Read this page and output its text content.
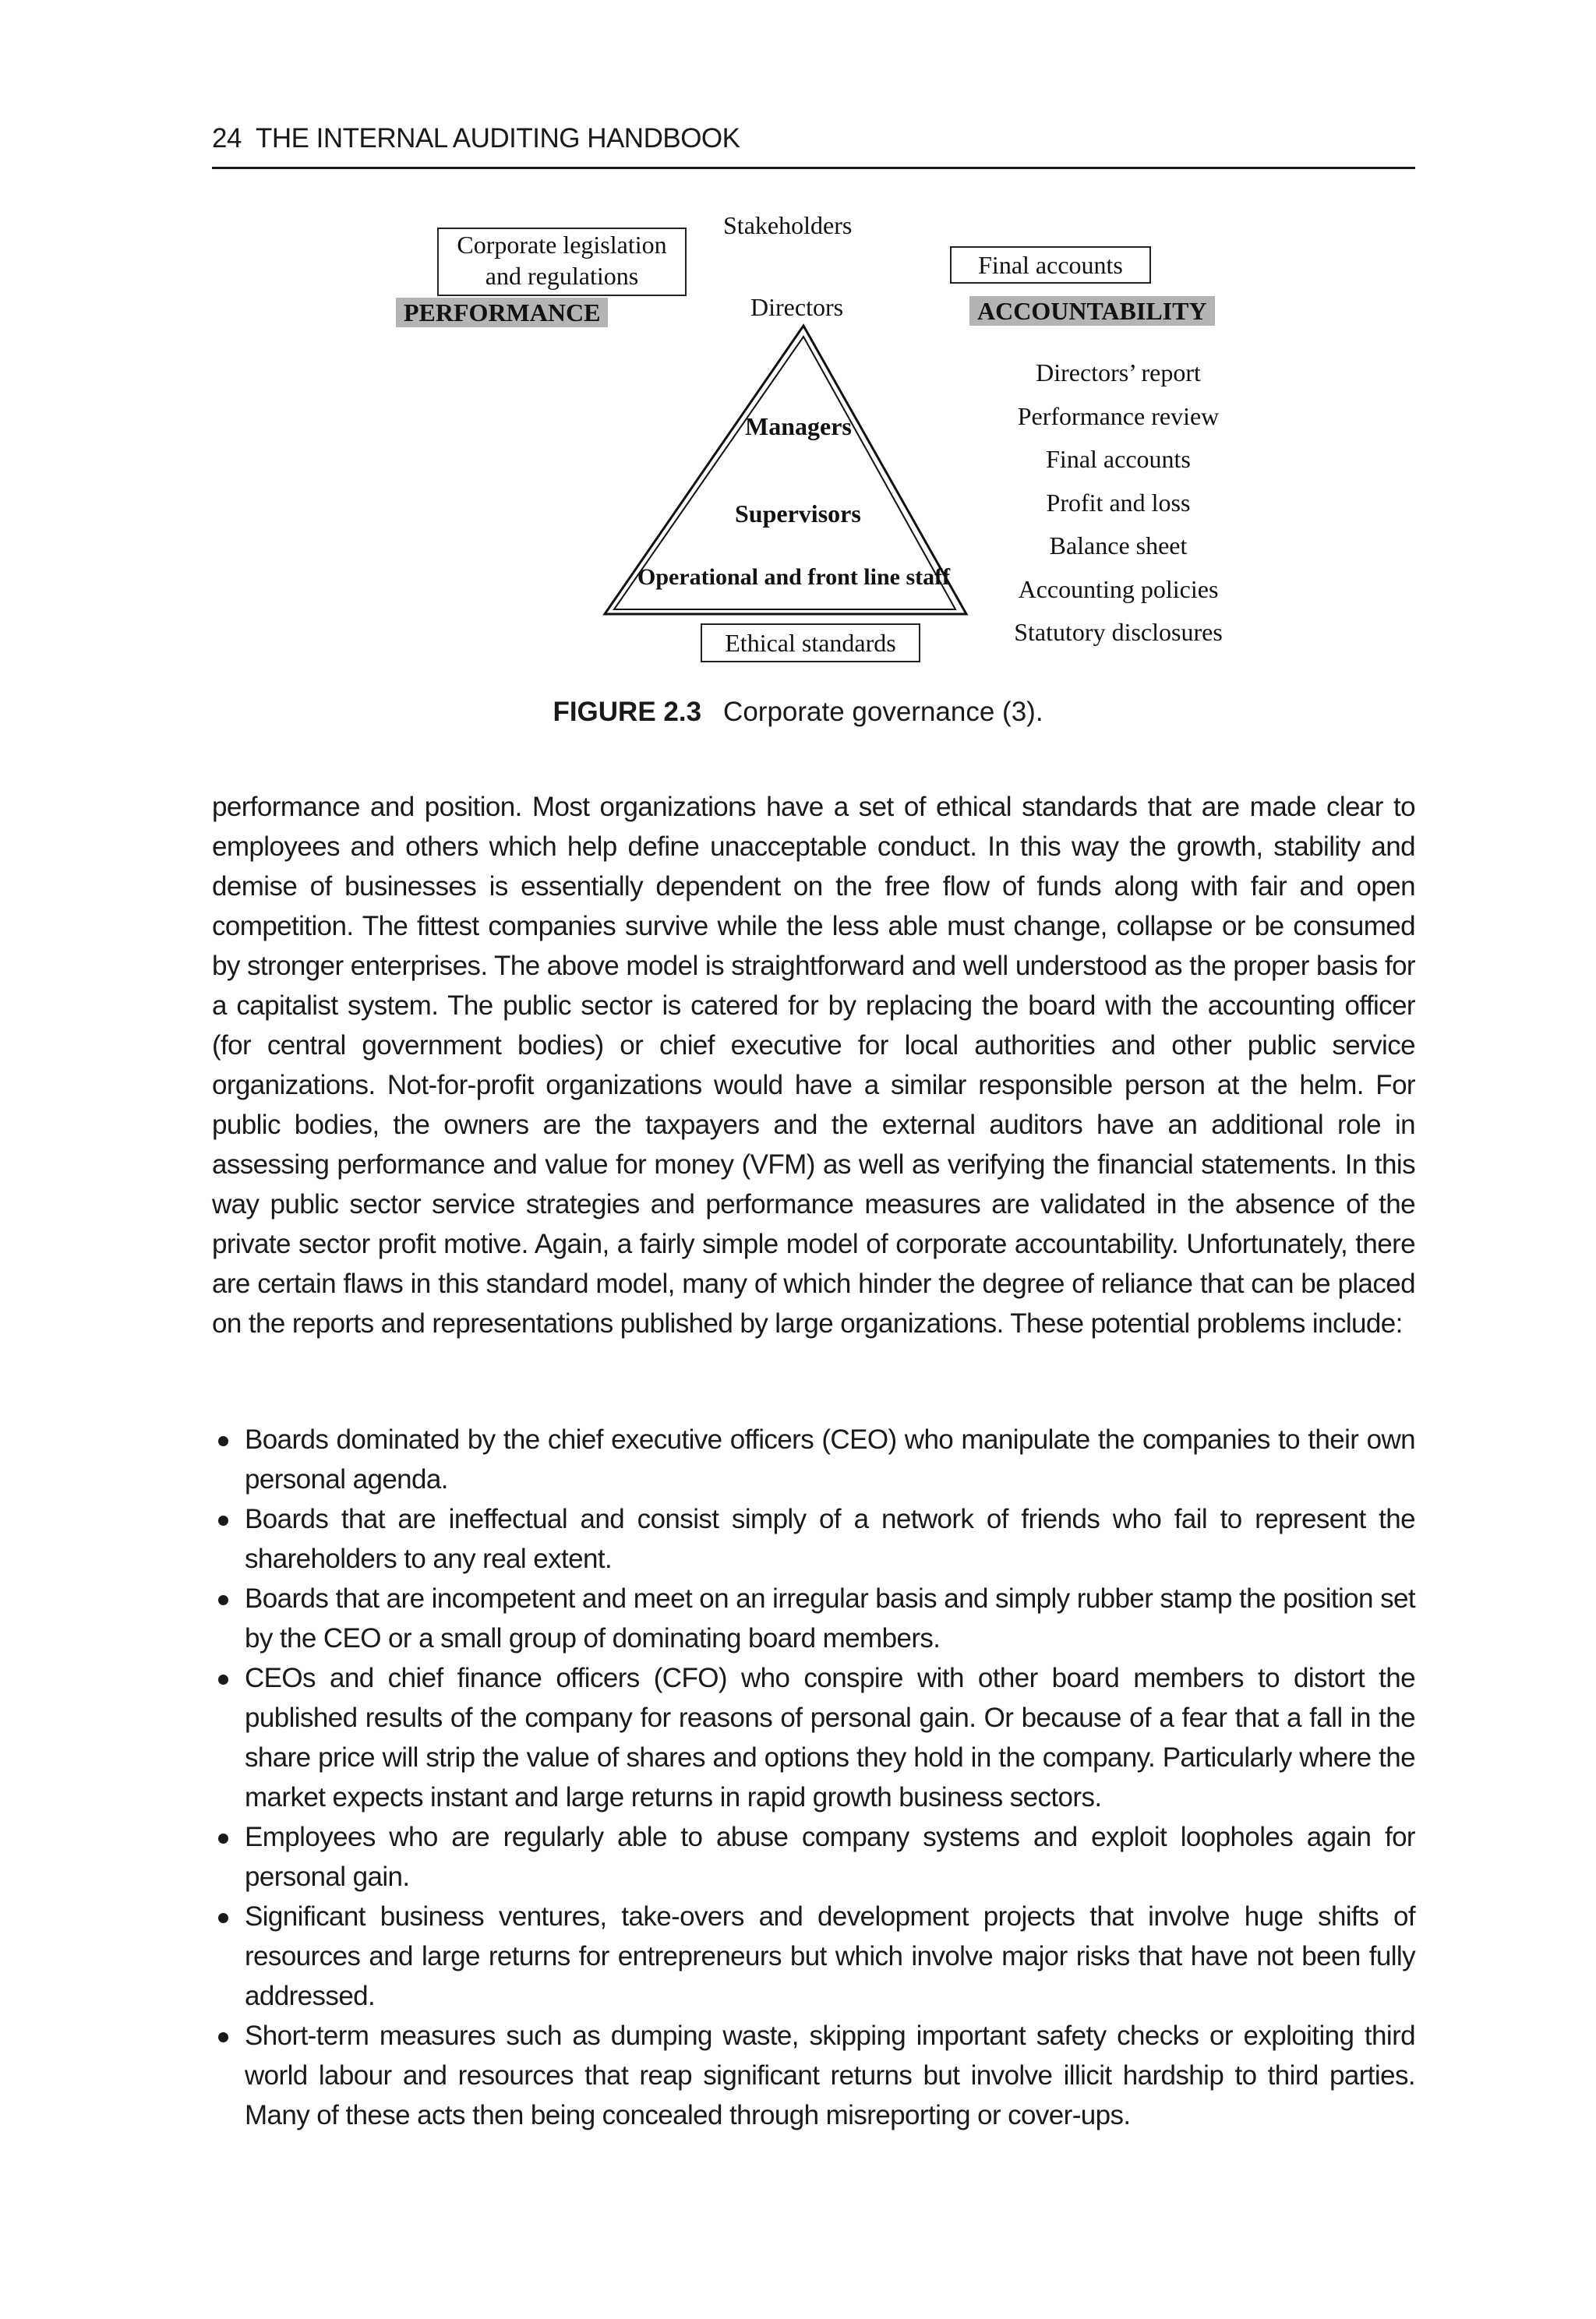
24 THE INTERNAL AUDITING HANDBOOK
Stakeholders
Corporate legislation
and regulations
PERFORMANCE	Directors
Final accounts
ACCOUNTABILITY
Managers
Supervisors
Operational and front line staff
Ethical standards
Directors’ report
Performance review
Final accounts
Profit and loss
Balance sheet
Accounting policies
Statutory disclosures
FIGURE 2.3 Corporate governance (3).
performance and position. Most organizations have a set of ethical standards that are made clear to employees and others which help define unacceptable conduct. In this way the growth, stability and demise of businesses is essentially dependent on the free flow of funds along with fair and open competition. The fittest companies survive while the less able must change, collapse or be consumed by stronger enterprises. The above model is straightforward and well understood as the proper basis for a capitalist system. The public sector is catered for by replacing the board with the accounting officer (for central government bodies) or chief executive for local authorities and other public service organizations. Not-for-profit organizations would have a similar responsible person at the helm. For public bodies, the owners are the taxpayers and the external auditors have an additional role in assessing performance and value for money (VFM) as well as verifying the financial statements. In this way public sector service strategies and performance measures are validated in the absence of the private sector profit motive. Again, a fairly simple model of corporate accountability. Unfortunately, there are certain flaws in this standard model, many of which hinder the degree of reliance that can be placed on the reports and representations published by large organizations. These potential problems include:
Boards dominated by the chief executive officers (CEO) who manipulate the companies to their own personal agenda.
Boards that are ineffectual and consist simply of a network of friends who fail to represent the shareholders to any real extent.
Boards that are incompetent and meet on an irregular basis and simply rubber stamp the position set by the CEO or a small group of dominating board members.
CEOs and chief finance officers (CFO) who conspire with other board members to distort the published results of the company for reasons of personal gain. Or because of a fear that a fall in the share price will strip the value of shares and options they hold in the company. Particularly where the market expects instant and large returns in rapid growth business sectors.
Employees who are regularly able to abuse company systems and exploit loopholes again for personal gain.
Significant business ventures, take-overs and development projects that involve huge shifts of resources and large returns for entrepreneurs but which involve major risks that have not been fully addressed.
Short-term measures such as dumping waste, skipping important safety checks or exploiting third world labour and resources that reap significant returns but involve illicit hardship to third parties. Many of these acts then being concealed through misreporting or cover-ups.
